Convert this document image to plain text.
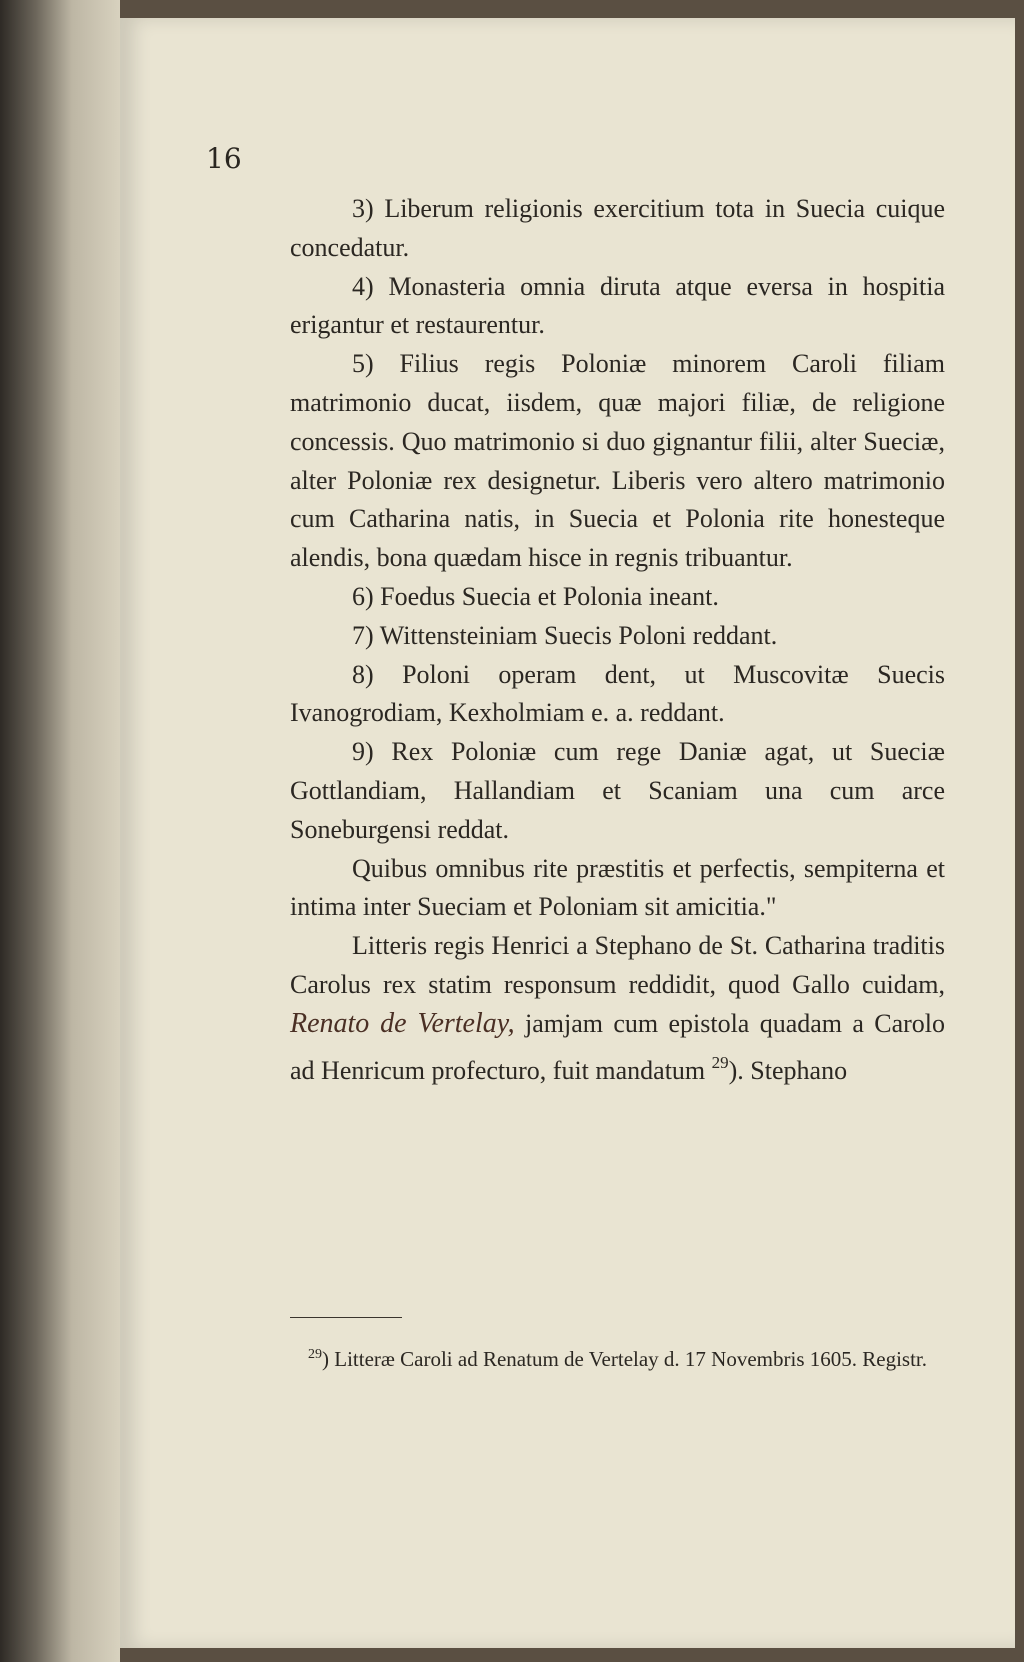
16

3) Liberum religionis exercitium tota in Suecia cuique concedatur.

4) Monasteria omnia diruta atque eversa in hospitia erigantur et restaurentur.

5) Filius regis Poloniæ minorem Caroli filiam matrimonio ducat, iisdem, quæ majori filiæ, de religione concessis. Quo matrimonio si duo gignantur filii, alter Sueciæ, alter Poloniæ rex designetur. Liberis vero altero matrimonio cum Catharina natis, in Suecia et Polonia rite honesteque alendis, bona quædam hisce in regnis tribuantur.

6) Foedus Suecia et Polonia ineant.

7) Wittensteiniam Suecis Poloni reddant.

8) Poloni operam dent, ut Muscovitæ Suecis Ivanogrodiam, Kexholmiam e. a. reddant.

9) Rex Poloniæ cum rege Daniæ agat, ut Sueciæ Gottlandiam, Hallandiam et Scaniam una cum arce Soneburgensi reddat.

Quibus omnibus rite præstitis et perfectis, sempiterna et intima inter Sueciam et Poloniam sit amicitia."

Litteris regis Henrici a Stephano de St. Catharina traditis Carolus rex statim responsum reddidit, quod Gallo cuidam, Renato de Vertelay, jamjam cum epistola quadam a Carolo ad Henricum profecturo, fuit mandatum $^{29}$). Stephano

$^{29}$) Litteræ Caroli ad Renatum de Vertelay d. 17 Novembris 1605. Registr.
